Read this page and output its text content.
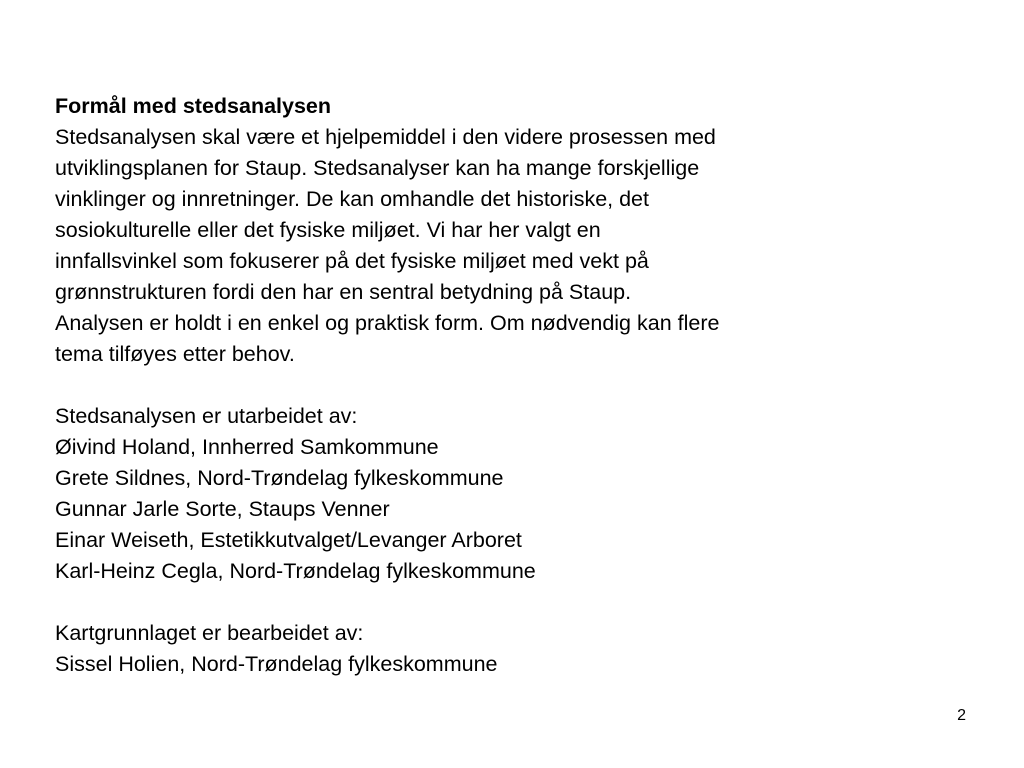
Formål med stedsanalysen

Stedsanalysen skal være et hjelpemiddel i den videre prosessen med

utviklingsplanen for Staup. Stedsanalyser kan ha mange forskjellige

vinklinger og innretninger. De kan omhandle det historiske, det

sosiokulturelle eller det fysiske miljøet. Vi har her valgt en

innfallsvinkel som fokuserer på det fysiske miljøet med vekt på

grønnstrukturen fordi den har en sentral betydning på Staup.

Analysen er holdt i en enkel og praktisk form. Om nødvendig kan flere

tema tilføyes etter behov.

Stedsanalysen er utarbeidet av:

Øivind Holand, Innherred Samkommune

Grete Sildnes, Nord-Trøndelag fylkeskommune

Gunnar Jarle Sorte, Staups Venner

Einar Weiseth, Estetikkutvalget/Levanger Arboret

Karl-Heinz Cegla, Nord-Trøndelag fylkeskommune

Kartgrunnlaget er bearbeidet av:

Sissel Holien, Nord-Trøndelag fylkeskommune

2
